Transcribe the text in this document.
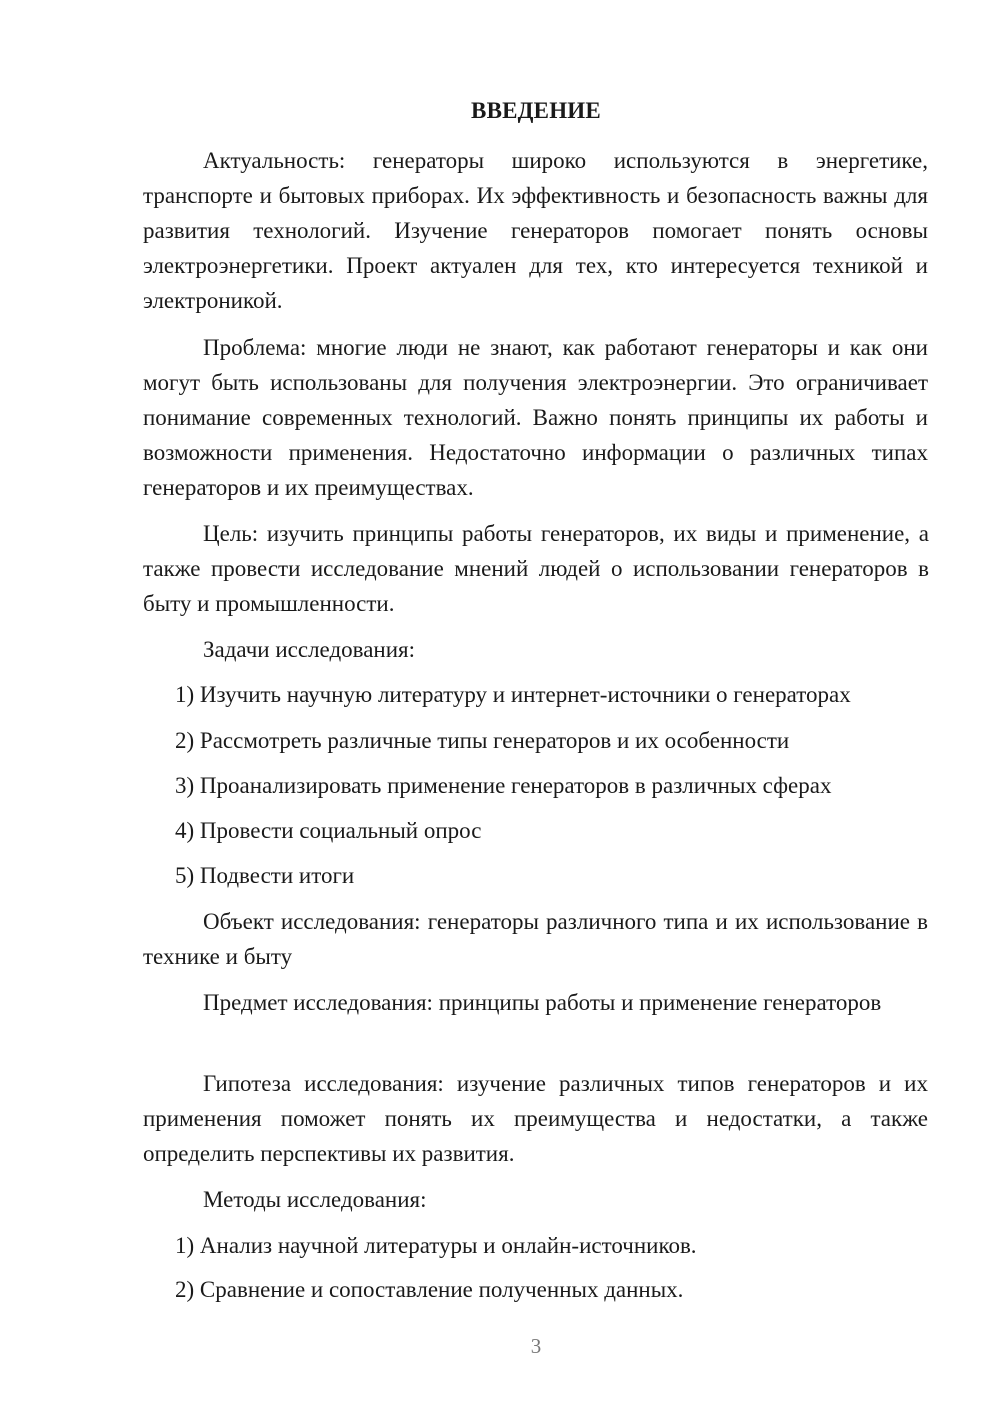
ВВЕДЕНИЕ

Актуальность: генераторы широко используются в энергетике, транспорте и бытовых приборах. Их эффективность и безопасность важны для развития технологий. Изучение генераторов помогает понять основы электроэнергетики. Проект актуален для тех, кто интересуется техникой и электроникой.

Проблема: многие люди не знают, как работают генераторы и как они могут быть использованы для получения электроэнергии. Это ограничивает понимание современных технологий. Важно понять принципы их работы и возможности применения. Недостаточно информации о различных типах генераторов и их преимуществах.

Цель: изучить принципы работы генераторов, их виды и применение, а также провести исследование мнений людей о использовании генераторов в быту и промышленности.

Задачи исследования:
1) Изучить научную литературу и интернет-источники о генераторах
2) Рассмотреть различные типы генераторов и их особенности
3) Проанализировать применение генераторов в различных сферах
4) Провести социальный опрос
5) Подвести итоги

Объект исследования: генераторы различного типа и их использование в технике и быту

Предмет исследования: принципы работы и применение генераторов

Гипотеза исследования: изучение различных типов генераторов и их применения поможет понять их преимущества и недостатки, а также определить перспективы их развития.

Методы исследования:
1) Анализ научной литературы и онлайн-источников.
2) Сравнение и сопоставление полученных данных.
3
